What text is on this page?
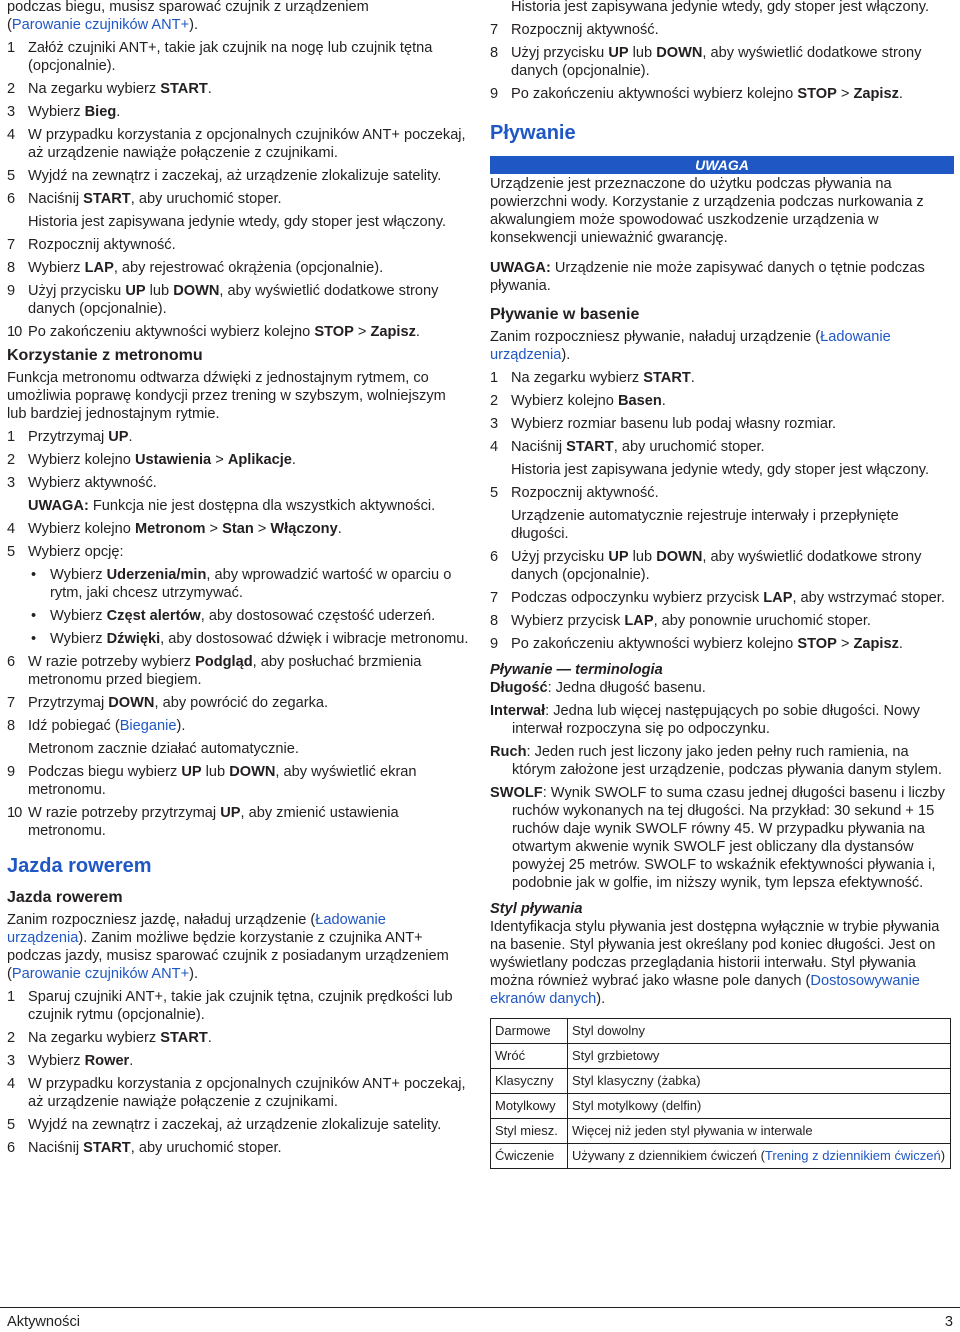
podczas biegu, musisz sparować czujnik z urządzeniem
(Parowanie czujników ANT+).

1 Załóż czujniki ANT+, takie jak czujnik na nogę lub czujnik tętna (opcjonalnie).
2 Na zegarku wybierz START.
3 Wybierz Bieg.
4 W przypadku korzystania z opcjonalnych czujników ANT+ poczekaj, aż urządzenie nawiąże połączenie z czujnikami.
5 Wyjdź na zewnątrz i zaczekaj, aż urządzenie zlokalizuje satelity.
6 Naciśnij START, aby uruchomić stoper.

Historia jest zapisywana jedynie wtedy, gdy stoper jest włączony.

7 Rozpocznij aktywność.
8 Wybierz LAP, aby rejestrować okrążenia (opcjonalnie).
9 Użyj przycisku UP lub DOWN, aby wyświetlić dodatkowe strony danych (opcjonalnie).
10 Po zakończeniu aktywności wybierz kolejno STOP > Zapisz.
Korzystanie z metronomu

Funkcja metronomu odtwarza dźwięki z jednostajnym rytmem, co umożliwia poprawę kondycji przez trening w szybszym, wolniejszym lub bardziej jednostajnym rytmie.

1 Przytrzymaj UP.
2 Wybierz kolejno Ustawienia > Aplikacje.
3 Wybierz aktywność.

UWAGA: Funkcja nie jest dostępna dla wszystkich aktywności.

4 Wybierz kolejno Metronom > Stan > Włączony.
5 Wybierz opcję:
• Wybierz Uderzenia/min, aby wprowadzić wartość w oparciu o rytm, jaki chcesz utrzymywać.
• Wybierz Częst alertów, aby dostosować częstość uderzeń.
• Wybierz Dźwięki, aby dostosować dźwięk i wibracje metronomu.
6 W razie potrzeby wybierz Podgląd, aby posłuchać brzmienia metronomu przed biegiem.
7 Przytrzymaj DOWN, aby powrócić do zegarka.
8 Idź pobiegać (Bieganie).

Metronom zacznie działać automatycznie.

9 Podczas biegu wybierz UP lub DOWN, aby wyświetlić ekran metronomu.
10 W razie potrzeby przytrzymaj UP, aby zmienić ustawienia metronomu.
Jazda rowerem
Jazda rowerem

Zanim rozpoczniesz jazdę, naładuj urządzenie (Ładowanie urządzenia). Zanim możliwe będzie korzystanie z czujnika ANT+ podczas jazdy, musisz sparować czujnik z posiadanym urządzeniem (Parowanie czujników ANT+).

1 Sparuj czujniki ANT+, takie jak czujnik tętna, czujnik prędkości lub czujnik rytmu (opcjonalnie).
2 Na zegarku wybierz START.
3 Wybierz Rower.
4 W przypadku korzystania z opcjonalnych czujników ANT+ poczekaj, aż urządzenie nawiąże połączenie z czujnikami.
5 Wyjdź na zewnątrz i zaczekaj, aż urządzenie zlokalizuje satelity.
6 Naciśnij START, aby uruchomić stoper.

Historia jest zapisywana jedynie wtedy, gdy stoper jest włączony.

7 Rozpocznij aktywność.
8 Użyj przycisku UP lub DOWN, aby wyświetlić dodatkowe strony danych (opcjonalnie).
9 Po zakończeniu aktywności wybierz kolejno STOP > Zapisz.
Pływanie
UWAGA

Urządzenie jest przeznaczone do użytku podczas pływania na powierzchni wody. Korzystanie z urządzenia podczas nurkowania z akwalungiem może spowodować uszkodzenie urządzenia w konsekwencji unieważnić gwarancję.

UWAGA: Urządzenie nie może zapisywać danych o tętnie podczas pływania.

Pływanie w basenie

Zanim rozpoczniesz pływanie, naładuj urządzenie (Ładowanie urządzenia).

1 Na zegarku wybierz START.
2 Wybierz kolejno Basen.
3 Wybierz rozmiar basenu lub podaj własny rozmiar.
4 Naciśnij START, aby uruchomić stoper.

Historia jest zapisywana jedynie wtedy, gdy stoper jest włączony.

5 Rozpocznij aktywność.

Urządzenie automatycznie rejestruje interwały i przepłynięte długości.

6 Użyj przycisku UP lub DOWN, aby wyświetlić dodatkowe strony danych (opcjonalnie).
7 Podczas odpoczynku wybierz przycisk LAP, aby wstrzymać stoper.
8 Wybierz przycisk LAP, aby ponownie uruchomić stoper.
9 Po zakończeniu aktywności wybierz kolejno STOP > Zapisz.

Pływanie — terminologia

Długość: Jedna długość basenu.

Interwał: Jedna lub więcej następujących po sobie długości. Nowy interwał rozpoczyna się po odpoczynku.

Ruch: Jeden ruch jest liczony jako jeden pełny ruch ramienia, na którym założone jest urządzenie, podczas pływania danym stylem.

SWOLF: Wynik SWOLF to suma czasu jednej długości basenu i liczby ruchów wykonanych na tej długości. Na przykład: 30 sekund + 15 ruchów daje wynik SWOLF równy 45. W przypadku pływania na otwartym akwenie wynik SWOLF jest obliczany dla dystansów powyżej 25 metrów. SWOLF to wskaźnik efektywności pływania i, podobnie jak w golfie, im niższy wynik, tym lepsza efektywność.

Styl pływania

Identyfikacja stylu pływania jest dostępna wyłącznie w trybie pływania na basenie. Styl pływania jest określany pod koniec długości. Jest on wyświetlany podczas przeglądania historii interwału. Styl pływania można również wybrać jako własne pole danych (Dostosowywanie ekranów danych).

Darmowe	Styl dowolny
Wróć	Styl grzbietowy
Klasyczny	Styl klasyczny (żabka)
Motylkowy	Styl motylkowy (delfin)
Styl miesz.	Więcej niż jeden styl pływania w interwale
Ćwiczenie	Używany z dziennikiem ćwiczeń (Trening z dziennikiem ćwiczeń)
Aktywności	3
